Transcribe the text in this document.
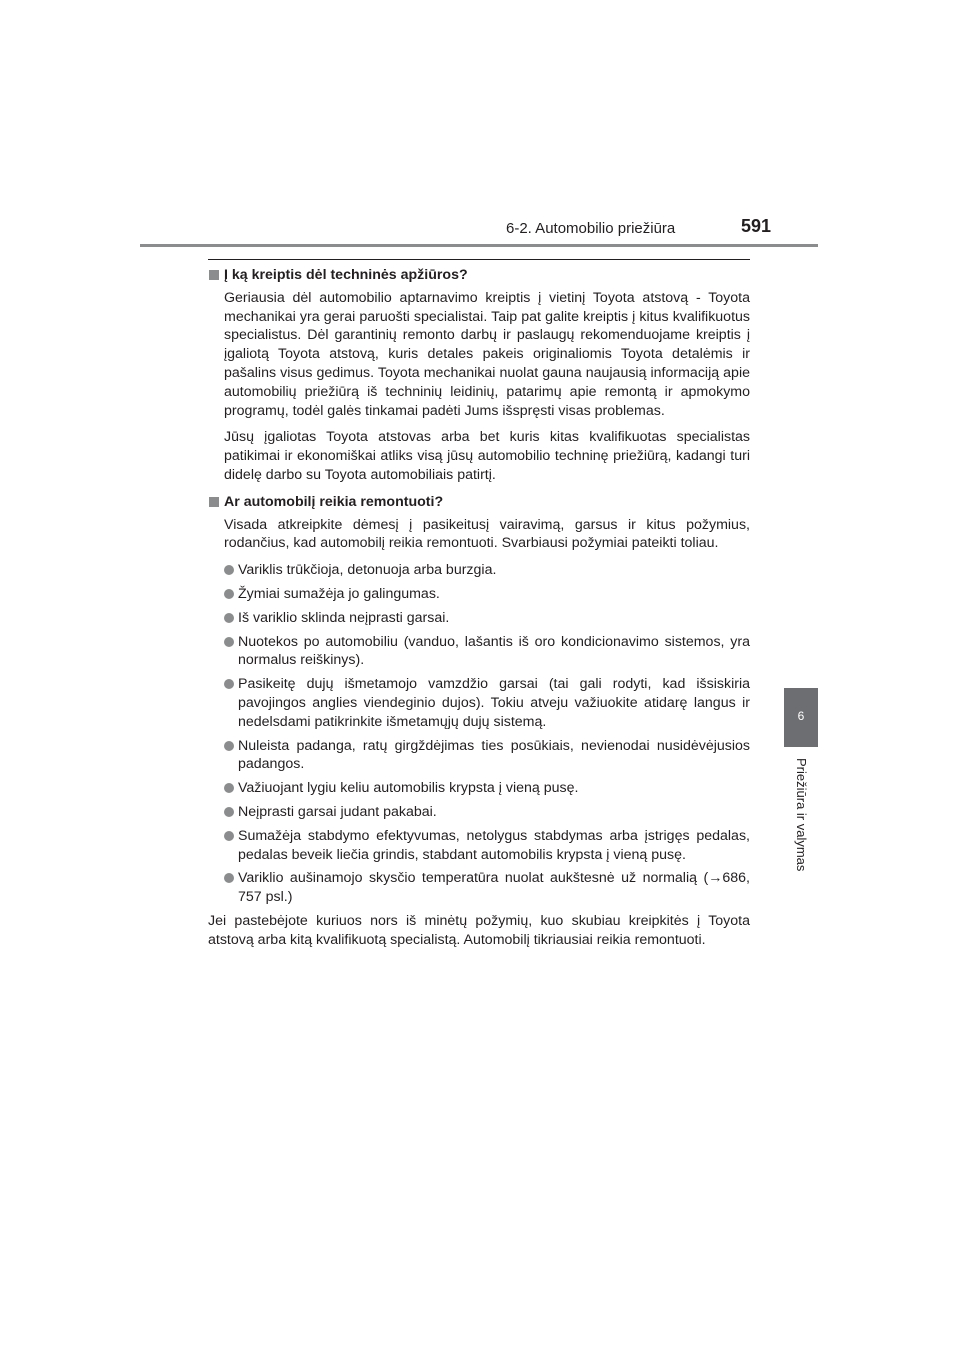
6-2. Automobilio priežiūra	591
6
Priežiūra ir valymas
Į ką kreiptis dėl techninės apžiūros?
Geriausia dėl automobilio aptarnavimo kreiptis į vietinį Toyota atstovą - Toyota mechanikai yra gerai paruošti specialistai. Taip pat galite kreiptis į kitus kvalifikuotus specialistus. Dėl garantinių remonto darbų ir paslaugų rekomenduojame kreiptis į įgaliotą Toyota atstovą, kuris detales pakeis originaliomis Toyota detalėmis ir pašalins visus gedimus. Toyota mechanikai nuolat gauna naujausią informaciją apie automobilių priežiūrą iš techninių leidinių, patarimų apie remontą ir apmokymo programų, todėl galės tinkamai padėti Jums išspręsti visas problemas.
Jūsų įgaliotas Toyota atstovas arba bet kuris kitas kvalifikuotas specialistas patikimai ir ekonomiškai atliks visą jūsų automobilio techninę priežiūrą, kadangi turi didelę darbo su Toyota automobiliais patirtį.
Ar automobilį reikia remontuoti?
Visada atkreipkite dėmesį į pasikeitusį vairavimą, garsus ir kitus požymius, rodančius, kad automobilį reikia remontuoti. Svarbiausi požymiai pateikti toliau.
Variklis trūkčioja, detonuoja arba burzgia.
Žymiai sumažėja jo galingumas.
Iš variklio sklinda neįprasti garsai.
Nuotekos po automobiliu (vanduo, lašantis iš oro kondicionavimo sistemos, yra normalus reiškinys).
Pasikeitę dujų išmetamojo vamzdžio garsai (tai gali rodyti, kad išsiskiria pavojingos anglies viendeginio dujos). Tokiu atveju važiuokite atidarę langus ir nedelsdami patikrinkite išmetamųjų dujų sistemą.
Nuleista padanga, ratų girgždėjimas ties posūkiais, nevienodai nusidėvėjusios padangos.
Važiuojant lygiu keliu automobilis krypsta į vieną pusę.
Neįprasti garsai judant pakabai.
Sumažėja stabdymo efektyvumas, netolygus stabdymas arba įstrigęs pedalas, pedalas beveik liečia grindis, stabdant automobilis krypsta į vieną pusę.
Variklio aušinamojo skysčio temperatūra nuolat aukštesnė už normalią (→686, 757 psl.)
Jei pastebėjote kuriuos nors iš minėtų požymių, kuo skubiau kreipkitės į Toyota atstovą arba kitą kvalifikuotą specialistą. Automobilį tikriausiai reikia remontuoti.
